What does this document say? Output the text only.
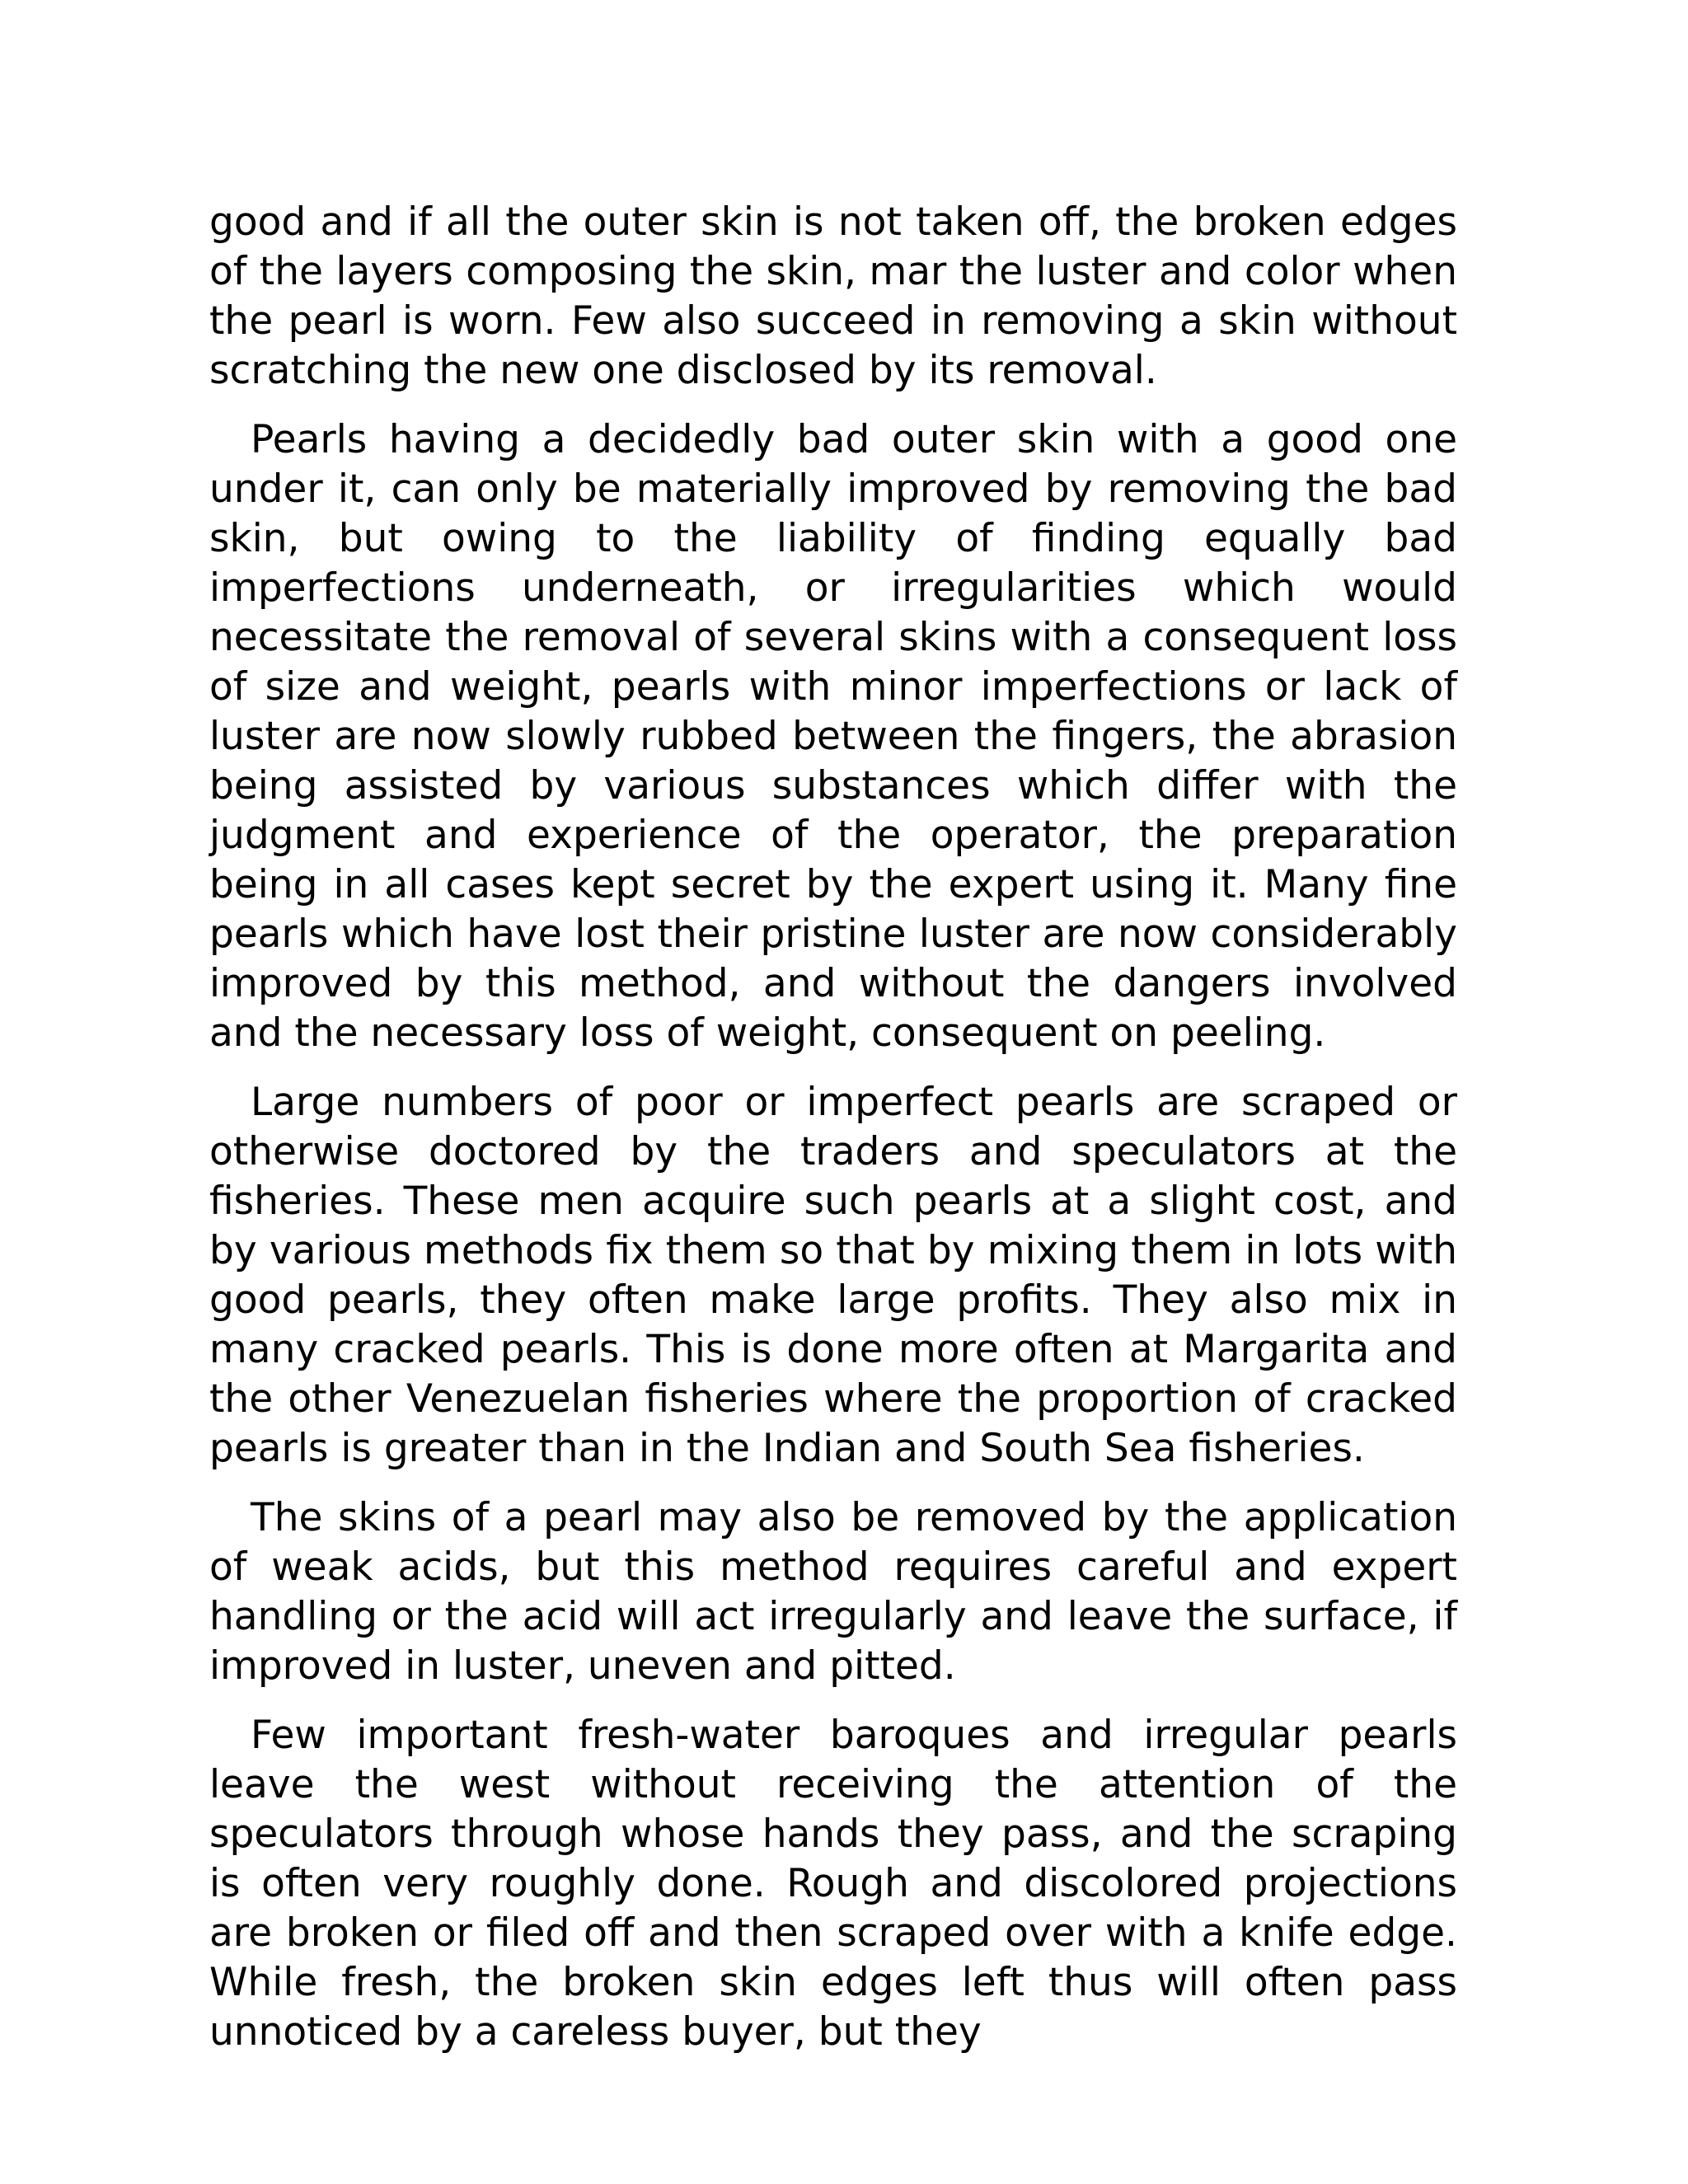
good and if all the outer skin is not taken off, the broken edges of the layers composing the skin, mar the luster and color when the pearl is worn. Few also succeed in removing a skin without scratching the new one disclosed by its removal.

Pearls having a decidedly bad outer skin with a good one under it, can only be materially improved by removing the bad skin, but owing to the liability of finding equally bad imperfections underneath, or irregularities which would necessitate the removal of several skins with a consequent loss of size and weight, pearls with minor imperfections or lack of luster are now slowly rubbed between the fingers, the abrasion being assisted by various substances which differ with the judgment and experience of the operator, the preparation being in all cases kept secret by the expert using it. Many fine pearls which have lost their pristine luster are now considerably improved by this method, and without the dangers involved and the necessary loss of weight, consequent on peeling.

Large numbers of poor or imperfect pearls are scraped or otherwise doctored by the traders and speculators at the fisheries. These men acquire such pearls at a slight cost, and by various methods fix them so that by mixing them in lots with good pearls, they often make large profits. They also mix in many cracked pearls. This is done more often at Margarita and the other Venezuelan fisheries where the proportion of cracked pearls is greater than in the Indian and South Sea fisheries.

The skins of a pearl may also be removed by the application of weak acids, but this method requires careful and expert handling or the acid will act irregularly and leave the surface, if improved in luster, uneven and pitted.

Few important fresh-water baroques and irregular pearls leave the west without receiving the attention of the speculators through whose hands they pass, and the scraping is often very roughly done. Rough and discolored projections are broken or filed off and then scraped over with a knife edge. While fresh, the broken skin edges left thus will often pass unnoticed by a careless buyer, but they
